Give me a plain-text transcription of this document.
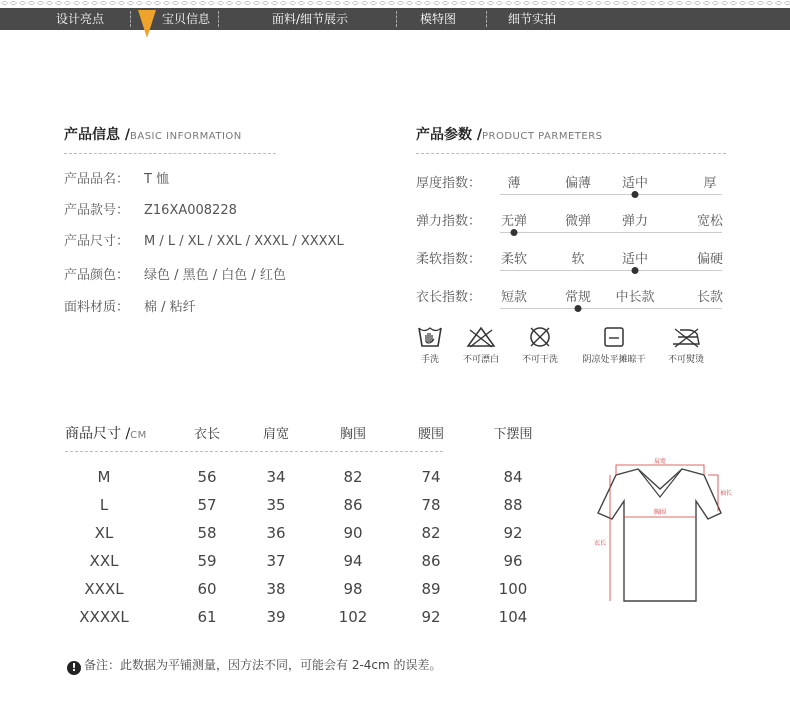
设计亮点	宝贝信息	面料/细节展示	模特图	细节实拍
产品信息 /BASIC INFORMATION
产品品名： T 恤
产品款号： Z16XA008228
产品尺寸： M / L / XL / XXL / XXXL / XXXXL
产品颜色： 绿色 / 黑色 / 白色 / 红色
面料材质： 棉 / 粘纤
产品参数 /PRODUCT PARMETERS
厚度指数： 薄	偏薄 适中	厚
弹力指数： 无弹	微弹 弹力	宽松
柔软指数： 柔软	软	适中	偏硬
衣长指数： 短款	常规 中长款	长款
手洗	不可漂白	不可干洗	阴凉处平摊晾干	不可熨烫
商品尺寸 /CM	衣长	肩宽	胸围	腰围	下摆围
M	56	34	82	74	84
L	57	35	86	78	88
XL	58	36	90	82	92
XXL	59	37	94	86	96
XXXL	60	38	98	89	100
XXXXL	61	39	102	92	104
肩宽
胸围
衣长
袖长
! 备注：此数据为平铺测量，因方法不同，可能会有 2-4cm 的误差。
